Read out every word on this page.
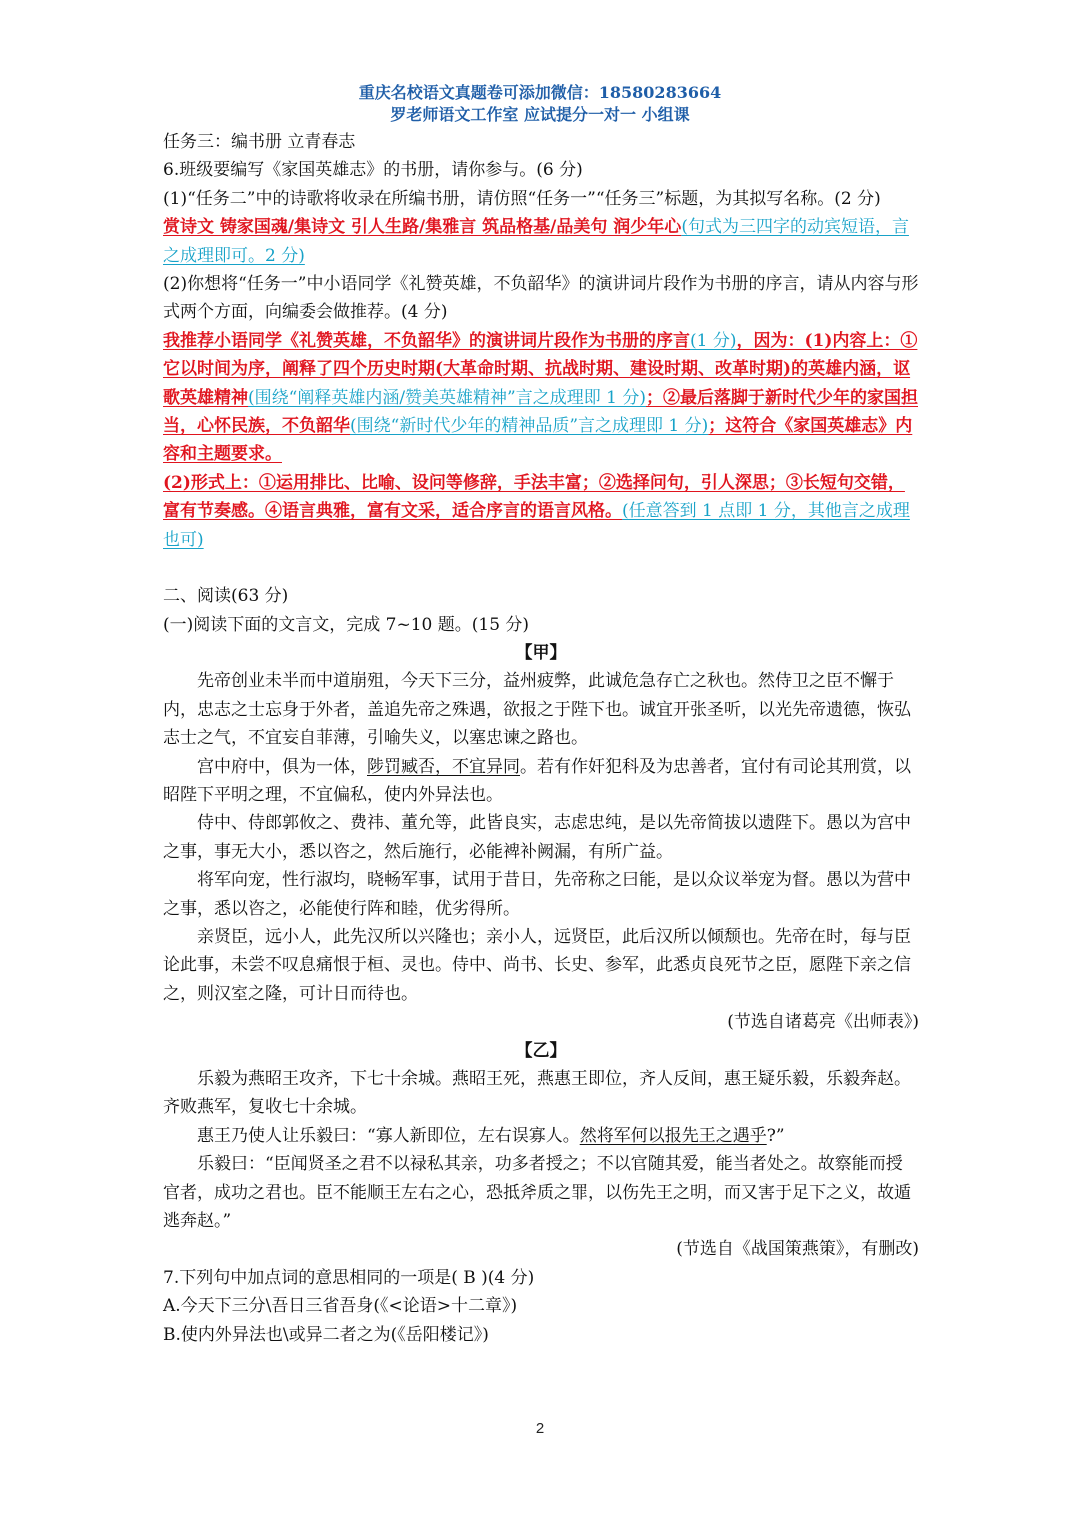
重庆名校语文真题卷可添加微信：18580283664
罗老师语文工作室 应试提分一对一 小组课

任务三：编书册 立青春志

6.班级要编写《家国英雄志》的书册，请你参与。(6 分)

(1)“任务二”中的诗歌将收录在所编书册，请仿照“任务一”“任务三”标题，为其拟写名称。(2 分)

赏诗文 铸家国魂/集诗文 引人生路/集雅言 筑品格基/品美句 润少年心(句式为三四字的动宾短语，言之成理即可。2 分)

(2)你想将“任务一”中小语同学《礼赞英雄，不负韶华》的演讲词片段作为书册的序言，请从内容与形式两个方面，向编委会做推荐。(4 分)

我推荐小语同学《礼赞英雄，不负韶华》的演讲词片段作为书册的序言(1 分)，因为：(1)内容上：①它以时间为序，阐释了四个历史时期(大革命时期、抗战时期、建设时期、改革时期)的英雄内涵，讴歌英雄精神(围绕“阐释英雄内涵/赞美英雄精神”言之成理即 1 分)；②最后落脚于新时代少年的家国担当，心怀民族，不负韶华(围绕“新时代少年的精神品质”言之成理即 1 分)；这符合《家国英雄志》内容和主题要求。

(2)形式上：①运用排比、比喻、设问等修辞，手法丰富；②选择问句，引人深思；③长短句交错，富有节奏感。④语言典雅，富有文采，适合序言的语言风格。(任意答到 1 点即 1 分，其他言之成理也可)

二、阅读(63 分)

(一)阅读下面的文言文，完成 7~10 题。(15 分)

【甲】

先帝创业未半而中道崩殂，今天下三分，益州疲弊，此诚危急存亡之秋也。然侍卫之臣不懈于内，忠志之士忘身于外者，盖追先帝之殊遇，欲报之于陛下也。诚宜开张圣听，以光先帝遗德，恢弘志士之气，不宜妄自菲薄，引喻失义，以塞忠谏之路也。

宫中府中，俱为一体，陟罚臧否，不宜异同。若有作奸犯科及为忠善者，宜付有司论其刑赏，以昭陛下平明之理，不宜偏私，使内外异法也。

侍中、侍郎郭攸之、费祎、董允等，此皆良实，志虑忠纯，是以先帝简拔以遗陛下。愚以为宫中之事，事无大小，悉以咨之，然后施行，必能裨补阙漏，有所广益。

将军向宠，性行淑均，晓畅军事，试用于昔日，先帝称之曰能，是以众议举宠为督。愚以为营中之事，悉以咨之，必能使行阵和睦，优劣得所。

亲贤臣，远小人，此先汉所以兴隆也；亲小人，远贤臣，此后汉所以倾颓也。先帝在时，每与臣论此事，未尝不叹息痛恨于桓、灵也。侍中、尚书、长史、参军，此悉贞良死节之臣，愿陛下亲之信之，则汉室之隆，可计日而待也。

(节选自诸葛亮《出师表》)

【乙】

乐毅为燕昭王攻齐，下七十余城。燕昭王死，燕惠王即位，齐人反间，惠王疑乐毅，乐毅奔赵。齐败燕军，复收七十余城。

惠王乃使人让乐毅曰：“寡人新即位，左右误寡人。然将军何以报先王之遇乎?”

乐毅曰：“臣闻贤圣之君不以禄私其亲，功多者授之；不以官随其爱，能当者处之。故察能而授官者，成功之君也。臣不能顺王左右之心，恐抵斧质之罪，以伤先王之明，而又害于足下之义，故遁逃奔赵。”

(节选自《战国策燕策》，有删改)

7.下列句中加点词的意思相同的一项是( B )(4 分)

A.今天下三分\吾日三省吾身(《<论语>十二章》)

B.使内外异法也\或异二者之为(《岳阳楼记》)

2
